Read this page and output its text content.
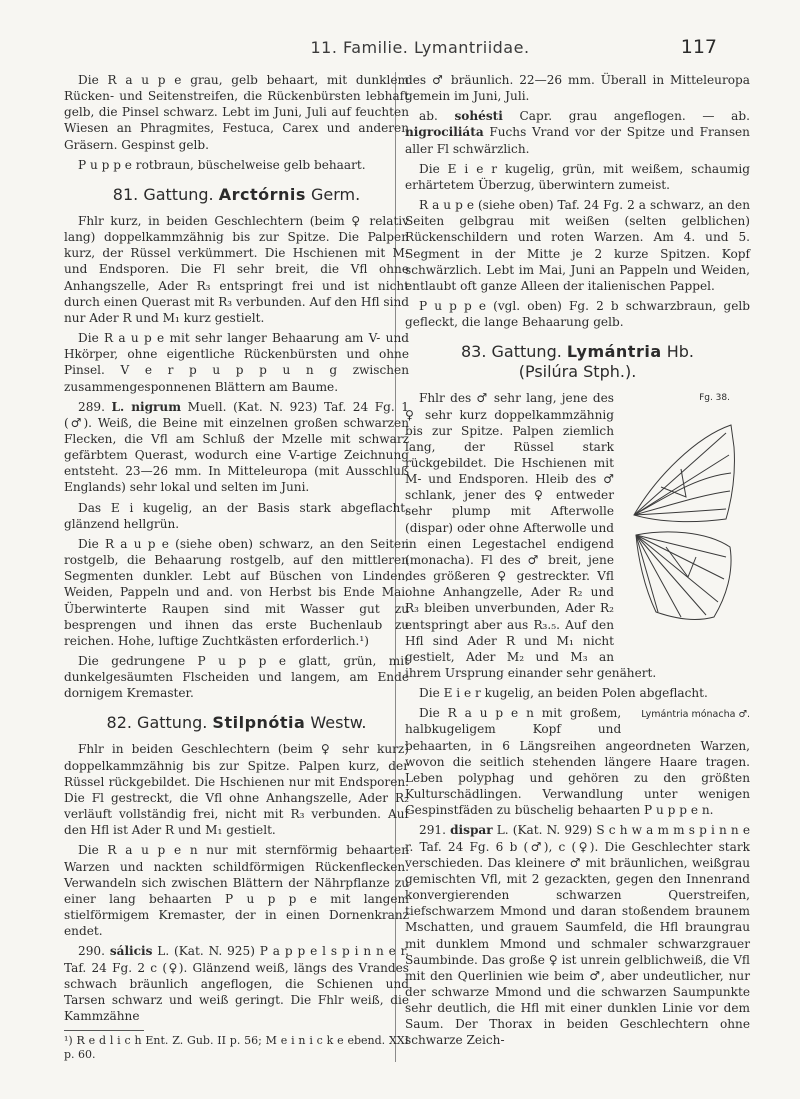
11. Familie. Lymantriidae.	117

Die R a u p e grau, gelb behaart, mit dunklem Rücken- und Seitenstreifen, die Rückenbürsten lebhaft gelb, die Pinsel schwarz. Lebt im Juni, Juli auf feuchten Wiesen an Phragmites, Festuca, Carex und anderen Gräsern. Gespinst gelb.

P u p p e rotbraun, büschelweise gelb behaart.

81. Gattung. Arctórnis Germ.

Fhlr kurz, in beiden Geschlechtern (beim ♀ relativ lang) doppelkammzähnig bis zur Spitze. Die Palpen kurz, der Rüssel verkümmert. Die Hschienen mit M- und Endsporen. Die Fl sehr breit, die Vfl ohne Anhangszelle, Ader R₃ entspringt frei und ist nicht durch einen Querast mit R₃ verbunden. Auf den Hfl sind nur Ader R und M₁ kurz gestielt.

Die R a u p e mit sehr langer Behaarung am V- und Hkörper, ohne eigentliche Rückenbürsten und ohne Pinsel. V e r p u p p u n g zwischen zusammengesponnenen Blättern am Baume.

289. L. nigrum Muell. (Kat. N. 923) Taf. 24 Fg. 1 (♂). Weiß, die Beine mit einzelnen großen schwarzen Flecken, die Vfl am Schluß der Mzelle mit schwarz gefärbtem Querast, wodurch eine V-artige Zeichnung entsteht. 23—26 mm. In Mitteleuropa (mit Ausschluß Englands) sehr lokal und selten im Juni.

Das E i kugelig, an der Basis stark abgeflacht, glänzend hellgrün.

Die R a u p e (siehe oben) schwarz, an den Seiten rostgelb, die Behaarung rostgelb, auf den mittleren Segmenten dunkler. Lebt auf Büschen von Linden, Weiden, Pappeln und and. von Herbst bis Ende Mai. Überwinterte Raupen sind mit Wasser gut zu besprengen und ihnen das erste Buchenlaub zu reichen. Hohe, luftige Zuchtkästen erforderlich.¹)

Die gedrungene P u p p e glatt, grün, mit dunkelgesäumten Flscheiden und langem, am Ende dornigem Kremaster.

82. Gattung. Stilpnótia Westw.

Fhlr in beiden Geschlechtern (beim ♀ sehr kurz) doppelkammzähnig bis zur Spitze. Palpen kurz, der Rüssel rückgebildet. Die Hschienen nur mit Endsporen. Die Fl gestreckt, die Vfl ohne Anhangszelle, Ader R₂ verläuft vollständig frei, nicht mit R₃ verbunden. Auf den Hfl ist Ader R und M₁ gestielt.

Die R a u p e n nur mit sternförmig behaarten Warzen und nackten schildförmigen Rückenflecken. Verwandeln sich zwischen Blättern der Nährpflanze zu einer lang behaarten P u p p e mit langem stielförmigem Kremaster, der in einen Dornenkranz endet.

290. sálicis L. (Kat. N. 925) P a p p e l s p i n n e r. Taf. 24 Fg. 2 c (♀). Glänzend weiß, längs des Vrandes schwach bräunlich angeflogen, die Schienen und Tarsen schwarz und weiß geringt. Die Fhlr weiß, die Kammzähne

¹) R e d l i c h Ent. Z. Gub. II p. 56; M e i n i c k e ebend. XXI p. 60.

des ♂ bräunlich. 22—26 mm. Überall in Mitteleuropa gemein im Juni, Juli.

ab. sohésti Capr. grau angeflogen. — ab. nigrociliáta Fuchs Vrand vor der Spitze und Fransen aller Fl schwärzlich.

Die E i e r kugelig, grün, mit weißem, schaumig erhärtetem Überzug, überwintern zumeist.

R a u p e (siehe oben) Taf. 24 Fg. 2 a schwarz, an den Seiten gelbgrau mit weißen (selten gelblichen) Rückenschildern und roten Warzen. Am 4. und 5. Segment in der Mitte je 2 kurze Spitzen. Kopf schwärzlich. Lebt im Mai, Juni an Pappeln und Weiden, entlaubt oft ganze Alleen der italienischen Pappel.

P u p p e (vgl. oben) Fg. 2 b schwarzbraun, gelb gefleckt, die lange Behaarung gelb.

83. Gattung. Lymántria Hb.
(Psilúra Stph.).

Fg. 38.
Fhlr des ♂ sehr lang, jene des ♀ sehr kurz doppelkammzähnig bis zur Spitze. Palpen ziemlich lang, der Rüssel stark rückgebildet. Die Hschienen mit M- und Endsporen. Hleib des ♂ schlank, jener des ♀ entweder sehr plump mit Afterwolle (dispar) oder ohne Afterwolle und in einen Legestachel endigend (monacha). Fl des ♂ breit, jene des größeren ♀ gestreckter. Vfl ohne Anhangzelle, Ader R₂ und R₃ bleiben unverbunden, Ader R₂ entspringt aber aus R₃.₅. Auf den Hfl sind Ader R und M₁ nicht gestielt, Ader M₂ und M₃ an ihrem Ursprung einander sehr genähert.

Die E i e r kugelig, an beiden Polen abgeflacht.

Lymántria mónacha ♂.
Die R a u p e n mit großem, halbkugeligem Kopf und behaarten, in 6 Längsreihen angeordneten Warzen, wovon die seitlich stehenden längere Haare tragen. Leben polyphag und gehören zu den größten Kulturschädlingen. Verwandlung unter wenigen Gespinstfäden zu büschelig behaarten P u p p e n.

291. dispar L. (Kat. N. 929) S c h w a m m s p i n n e r. Taf. 24 Fg. 6 b (♂), c (♀). Die Geschlechter stark verschieden. Das kleinere ♂ mit bräunlichen, weißgrau gemischten Vfl, mit 2 gezackten, gegen den Innenrand konvergierenden schwarzen Querstreifen, tiefschwarzem Mmond und daran stoßendem braunem Mschatten, und grauem Saumfeld, die Hfl braungrau mit dunklem Mmond und schmaler schwarzgrauer Saumbinde. Das große ♀ ist unrein gelblichweiß, die Vfl mit den Querlinien wie beim ♂, aber undeutlicher, nur der schwarze Mmond und die schwarzen Saumpunkte sehr deutlich, die Hfl mit einer dunklen Linie vor dem Saum. Der Thorax in beiden Geschlechtern ohne schwarze Zeich-
